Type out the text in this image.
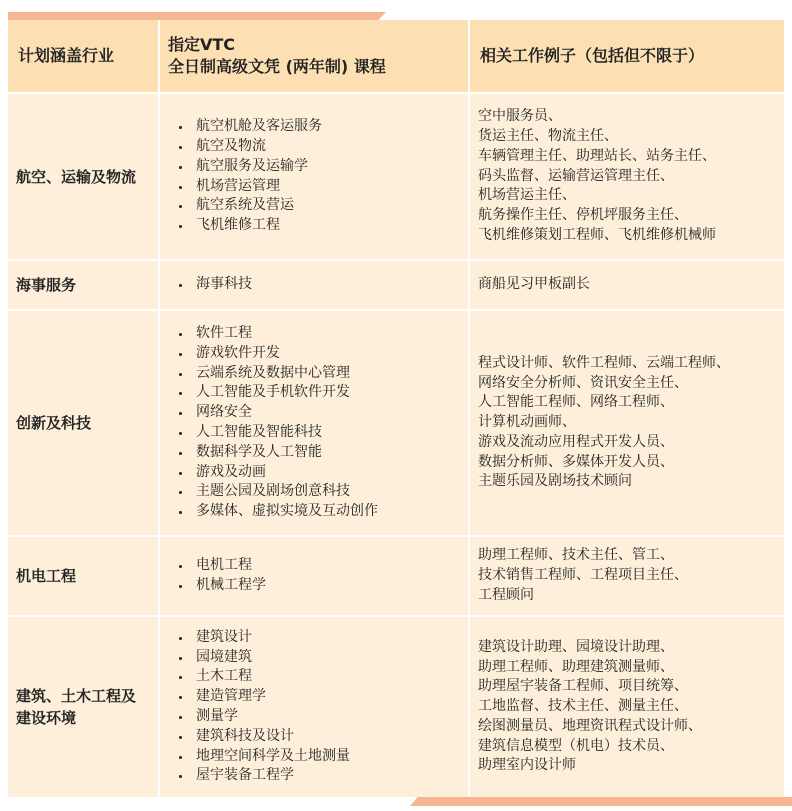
计划涵盖行业
指定VTC
全日制高级文凭 (两年制) 课程
相关工作例子（包括但不限于）
航空、运输及物流
• 航空机舱及客运服务
• 航空及物流
• 航空服务及运输学
• 机场营运管理
• 航空系统及营运
• 飞机维修工程
空中服务员、
货运主任、物流主任、
车辆管理主任、助理站长、站务主任、
码头监督、运输营运管理主任、
机场营运主任、
航务操作主任、停机坪服务主任、
飞机维修策划工程师、飞机维修机械师
海事服务
•	海事科技	商船见习甲板副长
创新及科技
• 软件工程
• 游戏软件开发
• 云端系统及数据中心管理
• 人工智能及手机软件开发
• 网络安全
• 人工智能及智能科技
• 数据科学及人工智能
• 游戏及动画
• 主题公园及剧场创意科技
• 多媒体、虚拟实境及互动创作
程式设计师、软件工程师、云端工程师、
网络安全分析师、资讯安全主任、
人工智能工程师、网络工程师、
计算机动画师、
游戏及流动应用程式开发人员、
数据分析师、多媒体开发人员、
主题乐园及剧场技术顾问
机电工程
• 电机工程
• 机械工程学
助理工程师、技术主任、管工、
技术销售工程师、工程项目主任、
工程顾问
建筑、土木工程及
建设环境
• 建筑设计
• 园境建筑
• 土木工程
• 建造管理学
• 测量学
• 建筑科技及设计
• 地理空间科学及土地测量
• 屋宇装备工程学
建筑设计助理、园境设计助理、
助理工程师、助理建筑测量师、
助理屋宇装备工程师、项目统筹、
工地监督、技术主任、测量主任、
绘图测量员、地理资讯程式设计师、
建筑信息模型（机电）技术员、
助理室内设计师
